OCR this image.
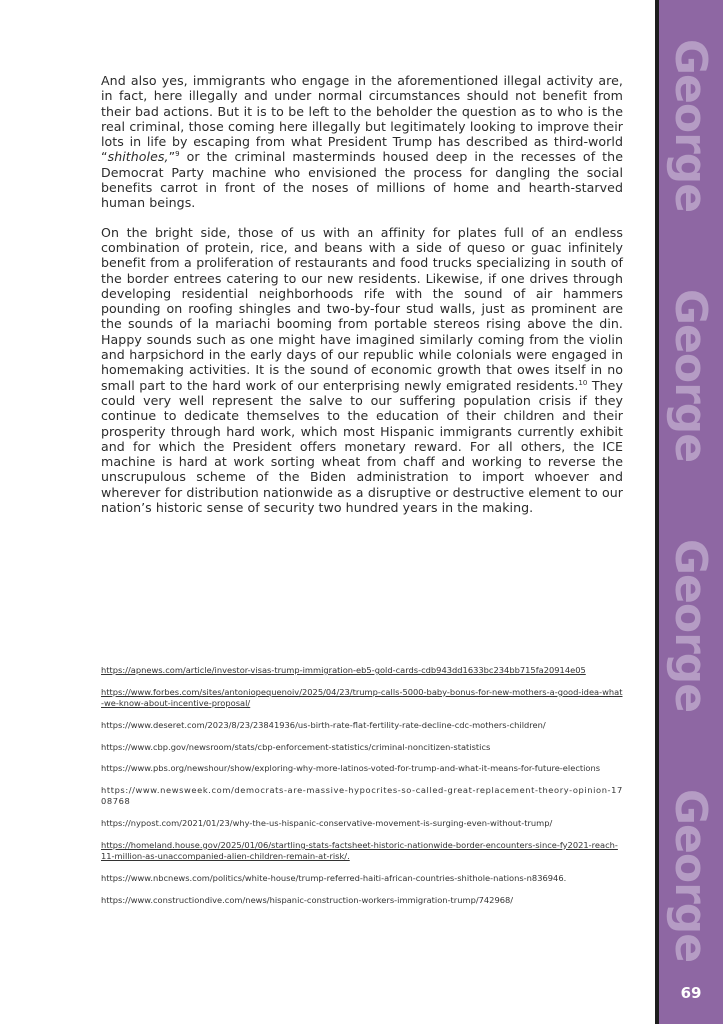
And also yes, immigrants who engage in the aforementioned illegal activity are, in fact, here illegally and under normal circumstances should not benefit from their bad actions. But it is to be left to the beholder the question as to who is the real criminal, those coming here illegally but legitimately looking to improve their lots in life by escaping from what President Trump has described as third-world “shitholes,”$^9$ or the criminal masterminds housed deep in the recesses of the Democrat Party machine who envisioned the process for dangling the social benefits carrot in front of the noses of millions of home and hearth-starved human beings.

On the bright side, those of us with an affinity for plates full of an endless combination of protein, rice, and beans with a side of queso or guac infinitely benefit from a proliferation of restaurants and food trucks specializing in south of the border entrees catering to our new residents. Likewise, if one drives through developing residential neighborhoods rife with the sound of air hammers pounding on roofing shingles and two-by-four stud walls, just as prominent are the sounds of la mariachi booming from portable stereos rising above the din. Happy sounds such as one might have imagined similarly coming from the violin and harpsichord in the early days of our republic while colonials were engaged in homemaking activities. It is the sound of economic growth that owes itself in no small part to the hard work of our enterprising newly emigrated residents.$^{10}$ They could very well represent the salve to our suffering population crisis if they continue to dedicate themselves to the education of their children and their prosperity through hard work, which most Hispanic immigrants currently exhibit and for which the President offers monetary reward. For all others, the ICE machine is hard at work sorting wheat from chaff and working to reverse the unscrupulous scheme of the Biden administration to import whoever and wherever for distribution nationwide as a disruptive or destructive element to our nation’s historic sense of security two hundred years in the making.

https://apnews.com/article/investor-visas-trump-immigration-eb5-gold-cards-cdb943dd1633bc234bb715fa20914e05

https://www.forbes.com/sites/antoniopequenoiv/2025/04/23/trump-calls-5000-baby-bonus-for-new-mothers-a-good-idea-what-we-know-about-incentive-proposal/

https://www.deseret.com/2023/8/23/23841936/us-birth-rate-flat-fertility-rate-decline-cdc-mothers-children/

https://www.cbp.gov/newsroom/stats/cbp-enforcement-statistics/criminal-noncitizen-statistics

https://www.pbs.org/newshour/show/exploring-why-more-latinos-voted-for-trump-and-what-it-means-for-future-elections

https://www.newsweek.com/democrats-are-massive-hypocrites-so-called-great-replacement-theory-opinion-1708768

https://nypost.com/2021/01/23/why-the-us-hispanic-conservative-movement-is-surging-even-without-trump/

https://homeland.house.gov/2025/01/06/startling-stats-factsheet-historic-nationwide-border-encounters-since-fy2021-reach-11-million-as-unaccompanied-alien-children-remain-at-risk/.

https://www.nbcnews.com/politics/white-house/trump-referred-haiti-african-countries-shithole-nations-n836946.

https://www.constructiondive.com/news/hispanic-construction-workers-immigration-trump/742968/

George
George
George
George
69
